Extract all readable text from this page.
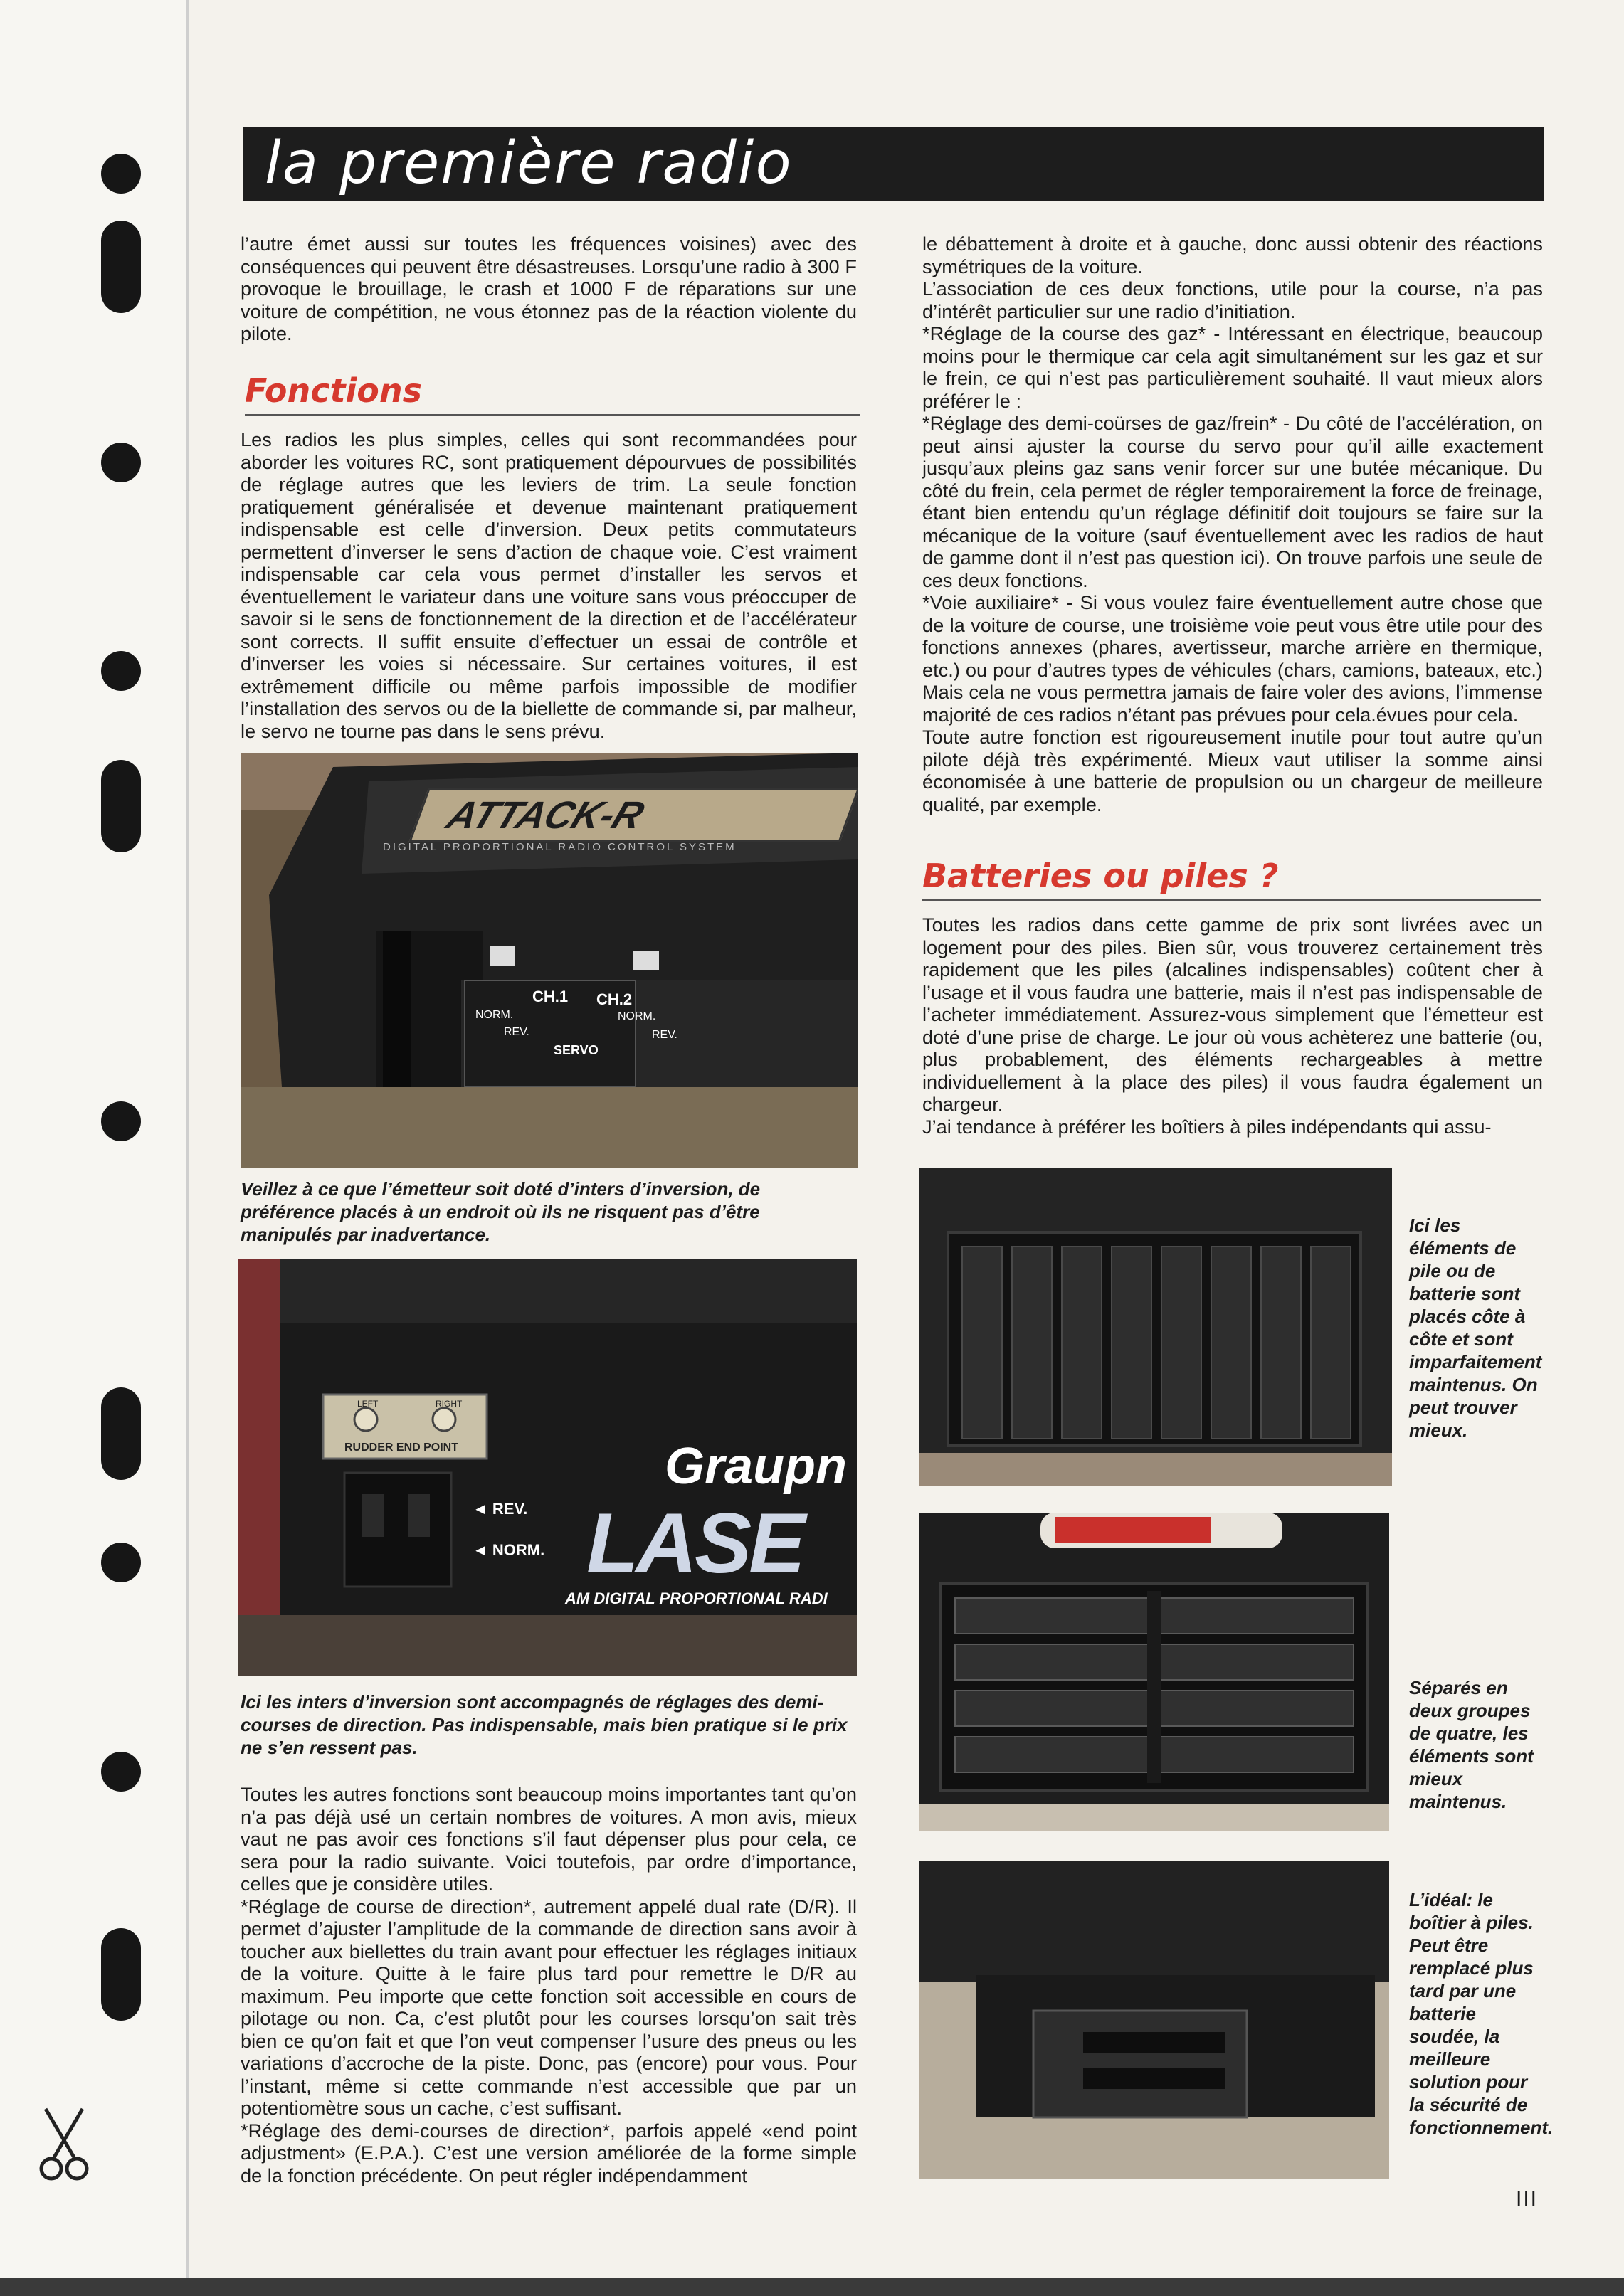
la première radio

l’autre émet aussi sur toutes les fréquences voisines) avec des conséquences qui peuvent être désastreuses. Lorsqu’une radio à 300 F provoque le brouillage, le crash et 1000 F de réparations sur une voiture de compétition, ne vous étonnez pas de la réaction violente du pilote.

Fonctions

Les radios les plus simples, celles qui sont recommandées pour aborder les voitures RC, sont pratiquement dépourvues de possibilités de réglage autres que les leviers de trim. La seule fonction pratiquement généralisée et devenue maintenant pratiquement indispensable est celle d’inversion. Deux petits commutateurs permettent d’inverser le sens d’action de chaque voie. C’est vraiment indispensable car cela vous permet d’installer les servos et éventuellement le variateur dans une voiture sans vous préoccuper de savoir si le sens de fonctionnement de la direction et de l’accélérateur sont corrects. Il suffit ensuite d’effectuer un essai de contrôle et d’inverser les voies si nécessaire. Sur certaines voitures, il est extrêmement difficile ou même parfois impossible de modifier l’installation des servos ou de la biellette de commande si, par malheur, le servo ne tourne pas dans le sens prévu.

ATTACK-R
DIGITAL PROPORTIONAL RADIO CONTROL SYSTEM
CH.1 CH.2
NORM.	NORM.
REV.	REV.
SERVO
Veillez à ce que l’émetteur soit doté d’inters d’inversion, de préférence placés à un endroit où ils ne risquent pas d’être manipulés par inadvertance.
LEFT	RIGHT
RUDDER END POINT
◄ REV.
◄ NORM.
Graupn
LASE
AM DIGITAL PROPORTIONAL RADI
Ici les inters d’inversion sont accompagnés de réglages des demi-courses de direction. Pas indispensable, mais bien pratique si le prix ne s’en ressent pas.

Toutes les autres fonctions sont beaucoup moins importantes tant qu’on n’a pas déjà usé un certain nombres de voitures. A mon avis, mieux vaut ne pas avoir ces fonctions s’il faut dépenser plus pour cela, ce sera pour la radio suivante. Voici toutefois, par ordre d’importance, celles que je considère utiles.

*Réglage de course de direction*, autrement appelé dual rate (D/R). Il permet d’ajuster l’amplitude de la commande de direction sans avoir à toucher aux biellettes du train avant pour effectuer les réglages initiaux de la voiture. Quitte à le faire plus tard pour remettre le D/R au maximum. Peu importe que cette fonction soit accessible en cours de pilotage ou non. Ca, c’est plutôt pour les courses lorsqu’on sait très bien ce qu’on fait et que l’on veut compenser l’usure des pneus ou les variations d’accroche de la piste. Donc, pas (encore) pour vous. Pour l’instant, même si cette commande n’est accessible que par un potentiomètre sous un cache, c’est suffisant.

*Réglage des demi-courses de direction*, parfois appelé «end point adjustment» (E.P.A.). C’est une version améliorée de la forme simple de la fonction précédente. On peut régler indépendamment

le débattement à droite et à gauche, donc aussi obtenir des réactions symétriques de la voiture.

L’association de ces deux fonctions, utile pour la course, n’a pas d’intérêt particulier sur une radio d’initiation.

*Réglage de la course des gaz* - Intéressant en électrique, beaucoup moins pour le thermique car cela agit simultanément sur les gaz et sur le frein, ce qui n’est pas particulièrement souhaité. Il vaut mieux alors préférer le :

*Réglage des demi-coürses de gaz/frein* - Du côté de l’accélération, on peut ainsi ajuster la course du servo pour qu’il aille exactement jusqu’aux pleins gaz sans venir forcer sur une butée mécanique. Du côté du frein, cela permet de régler temporairement la force de freinage, étant bien entendu qu’un réglage définitif doit toujours se faire sur la mécanique de la voiture (sauf éventuellement avec les radios de haut de gamme dont il n’est pas question ici). On trouve parfois une seule de ces deux fonctions.

*Voie auxiliaire* - Si vous voulez faire éventuellement autre chose que de la voiture de course, une troisième voie peut vous être utile pour des fonctions annexes (phares, avertisseur, marche arrière en thermique, etc.) ou pour d’autres types de véhicules (chars, camions, bateaux, etc.) Mais cela ne vous permettra jamais de faire voler des avions, l’immense majorité de ces radios n’étant pas prévues pour cela.évues pour cela.

Toute autre fonction est rigoureusement inutile pour tout autre qu’un pilote déjà très expérimenté. Mieux vaut utiliser la somme ainsi économisée à une batterie de propulsion ou un chargeur de meilleure qualité, par exemple.

Batteries ou piles ?

Toutes les radios dans cette gamme de prix sont livrées avec un logement pour des piles. Bien sûr, vous trouverez certainement très rapidement que les piles (alcalines indispensables) coûtent cher à l’usage et il vous faudra une batterie, mais il n’est pas indispensable de l’acheter immédiatement. Assurez-vous simplement que l’émetteur est doté d’une prise de charge. Le jour où vous achèterez une batterie (ou, plus probablement, des éléments rechargeables à mettre individuellement à la place des piles) il vous faudra également un chargeur.

J’ai tendance à préférer les boîtiers à piles indépendants qui assu-

Ici les éléments de pile ou de batterie sont placés côte à côte et sont imparfaitement maintenus. On peut trouver mieux.
Séparés en deux groupes de quatre, les éléments sont mieux maintenus.
L’idéal: le boîtier à piles. Peut être remplacé plus tard par une batterie soudée, la meilleure solution pour la sécurité de fonctionnement.
III
